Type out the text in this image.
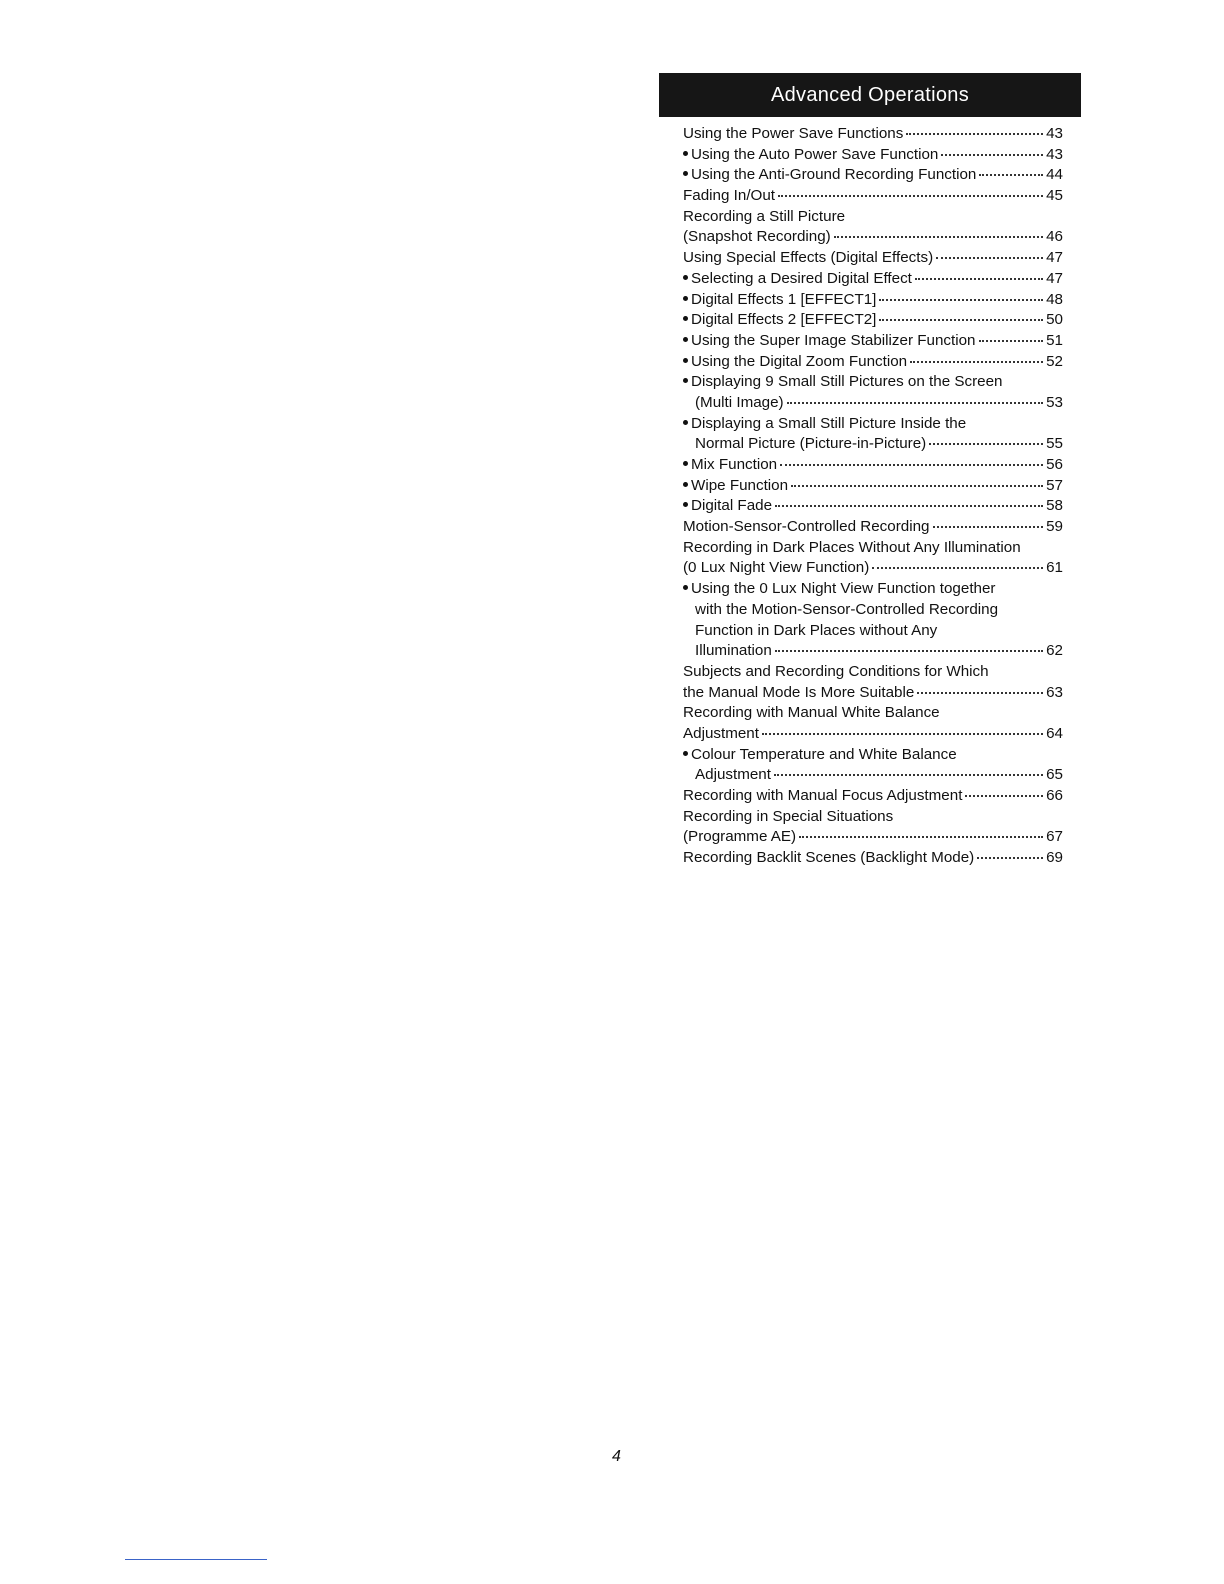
Advanced Operations
Using the Power Save Functions	43
Using the Auto Power Save Function	43
Using the Anti-Ground Recording Function	44
Fading In/Out	45
Recording a Still Picture
(Snapshot Recording)	46
Using Special Effects (Digital Effects)	47
Selecting a Desired Digital Effect	47
Digital Effects 1 [EFFECT1]	48
Digital Effects 2 [EFFECT2]	50
Using the Super Image Stabilizer Function	51
Using the Digital Zoom Function	52
Displaying 9 Small Still Pictures on the Screen
(Multi Image)	53
Displaying a Small Still Picture Inside the
Normal Picture (Picture-in-Picture)	55
Mix Function	56
Wipe Function	57
Digital Fade	58
Motion-Sensor-Controlled Recording	59
Recording in Dark Places Without Any Illumination
(0 Lux Night View Function)	61
Using the 0 Lux Night View Function together
with the Motion-Sensor-Controlled Recording
Function in Dark Places without Any
Illumination	62
Subjects and Recording Conditions for Which
the Manual Mode Is More Suitable	63
Recording with Manual White Balance
Adjustment	64
Colour Temperature and White Balance
Adjustment	65
Recording with Manual Focus Adjustment	66
Recording in Special Situations
(Programme AE)	67
Recording Backlit Scenes (Backlight Mode)	69
4
